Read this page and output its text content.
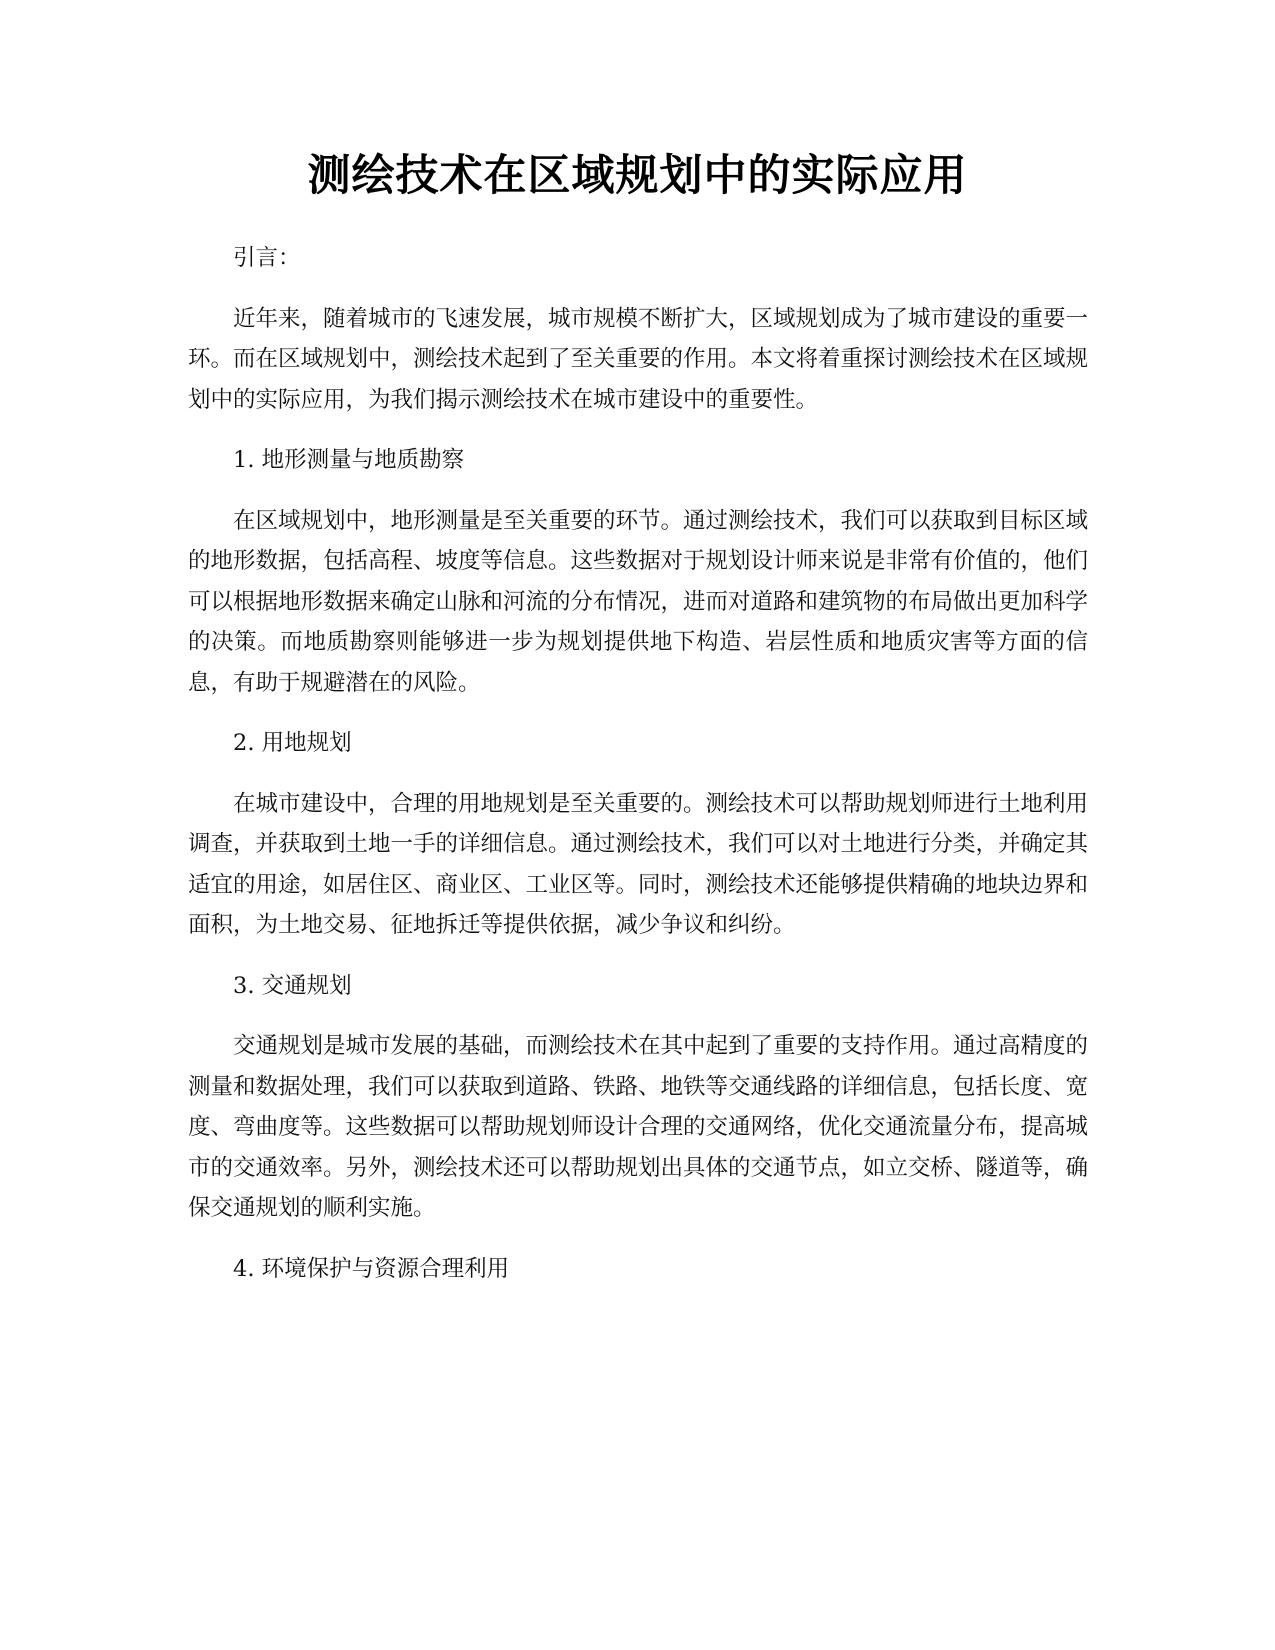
测绘技术在区域规划中的实际应用

引言：

近年来，随着城市的飞速发展，城市规模不断扩大，区域规划成为了城市建设的重要一环。而在区域规划中，测绘技术起到了至关重要的作用。本文将着重探讨测绘技术在区域规划中的实际应用，为我们揭示测绘技术在城市建设中的重要性。

1. 地形测量与地质勘察

在区域规划中，地形测量是至关重要的环节。通过测绘技术，我们可以获取到目标区域的地形数据，包括高程、坡度等信息。这些数据对于规划设计师来说是非常有价值的，他们可以根据地形数据来确定山脉和河流的分布情况，进而对道路和建筑物的布局做出更加科学的决策。而地质勘察则能够进一步为规划提供地下构造、岩层性质和地质灾害等方面的信息，有助于规避潜在的风险。

2. 用地规划

在城市建设中，合理的用地规划是至关重要的。测绘技术可以帮助规划师进行土地利用调查，并获取到土地一手的详细信息。通过测绘技术，我们可以对土地进行分类，并确定其适宜的用途，如居住区、商业区、工业区等。同时，测绘技术还能够提供精确的地块边界和面积，为土地交易、征地拆迁等提供依据，减少争议和纠纷。

3. 交通规划

交通规划是城市发展的基础，而测绘技术在其中起到了重要的支持作用。通过高精度的测量和数据处理，我们可以获取到道路、铁路、地铁等交通线路的详细信息，包括长度、宽度、弯曲度等。这些数据可以帮助规划师设计合理的交通网络，优化交通流量分布，提高城市的交通效率。另外，测绘技术还可以帮助规划出具体的交通节点，如立交桥、隧道等，确保交通规划的顺利实施。

4. 环境保护与资源合理利用
